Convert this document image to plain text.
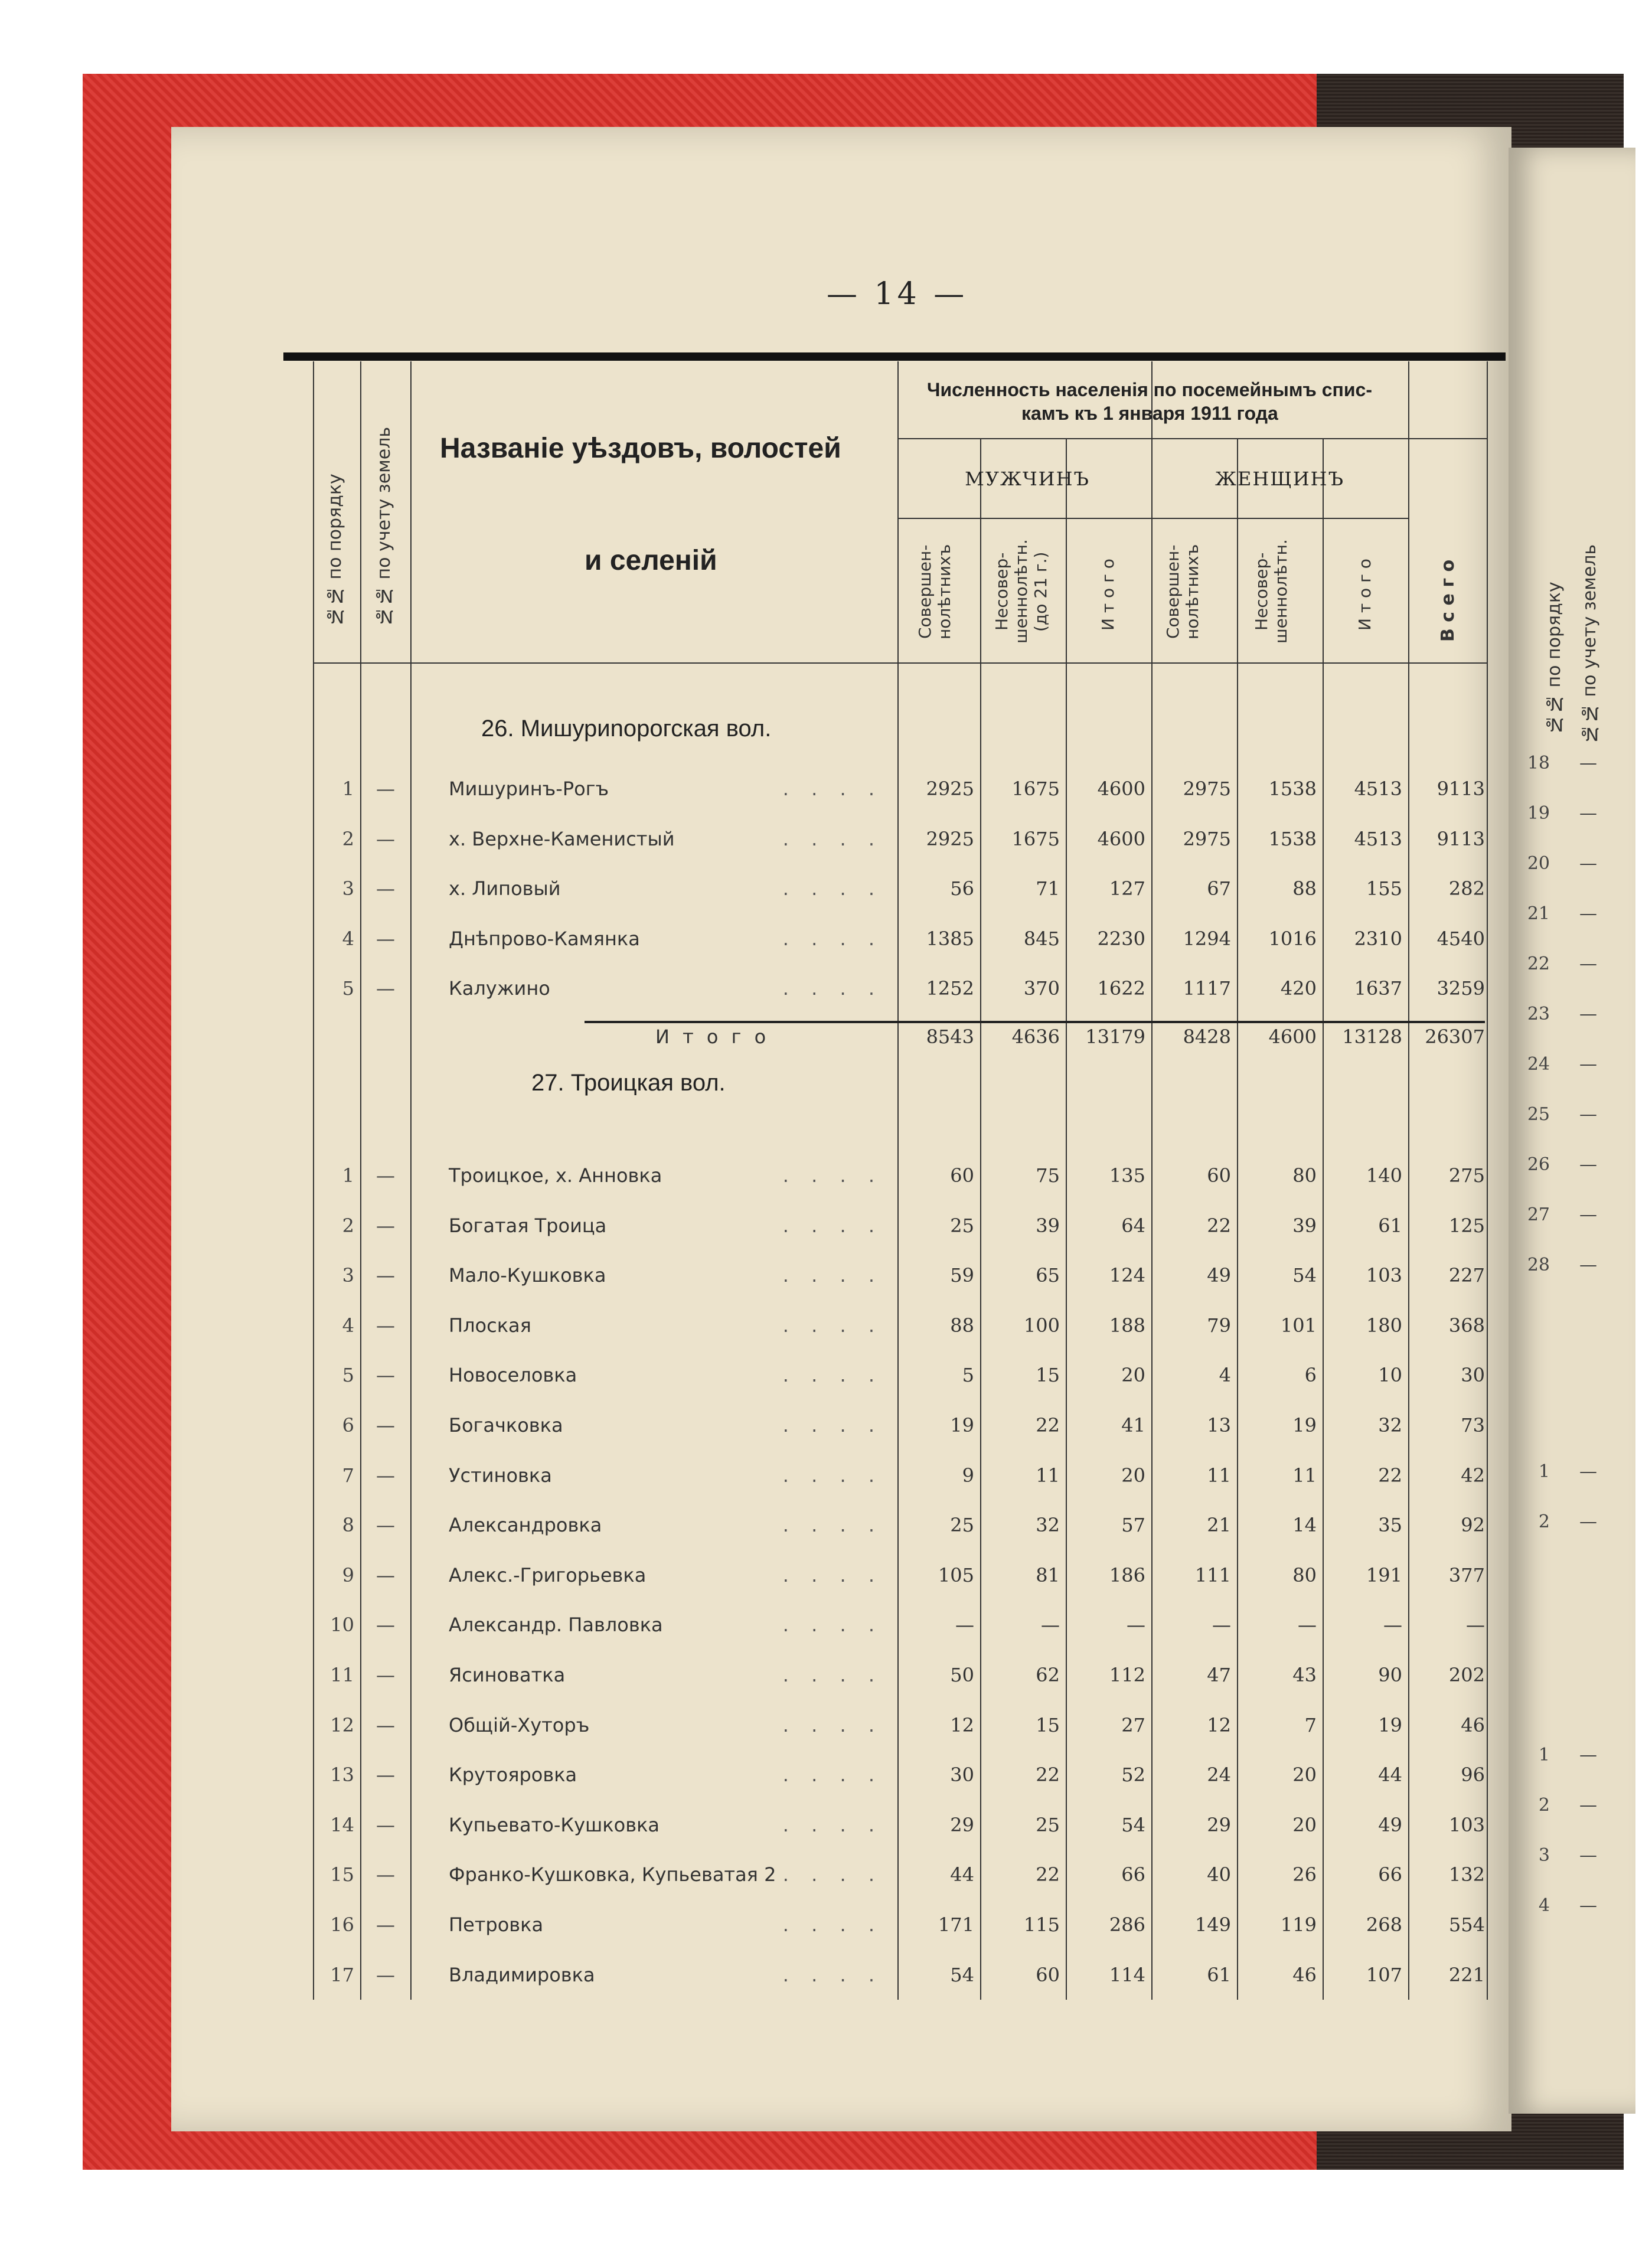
№№ по порядку №№ по учету земель
18 —
19 —
20 —
21 —
22 —
23 —
24 —
25 —
26 —
27 —
28 —
1 —
2 —
1 —
2 —
3 —
4 —
— 14 —
№№ по порядку №№ по учету земель Названіе уѣздовъ, волостей
и селеній
Численность населенія по посемейнымъ спис-
камъ къ 1 января 1911 года
МУЖЧИНЪ	ЖЕНЩИНЪ
Совершен-нолѣтнихъ	Несовер-шеннолѣтн. (до 21 г.)	И т о г о	Совершен-нолѣтнихъ	Несовер-шеннолѣтн.	И т о г о	В с е г о
26. Мишуриnорогская вол.
1	—	Мишуринъ-Рогъ	. . . . 2925 1675 4600 2975 1538 4513 9113
2	—	х. Верхне-Каменистый	. . . . 2925 1675 4600 2975 1538 4513 9113
3	—	х. Липовый	. . . .	56	71	127	67	88	155 282
4	—	Днѣпрово-Камянка	. . . . 1385	845 2230 1294 1016 2310 4540
5	—	Калужино	. . . . 1252	370 1622 1117	420 1637 3259
И т о г о	8543 4636 13179 8428 4600 13128 26307
27. Троицкая вол.
1	—	Троицкое, х. Анновка	. . . .	60	75	135	60	80	140 275
2	—	Богатая Троица	. . . .	25	39	64	22	39	61 125
3	—	Мало-Кушковка	. . . .	59	65	124	49	54	103 227
4	—	Плоская	. . . .	88	100	188	79	101	180 368
5	—	Новоселовка	. . . .	5	15	20	4	6	10	30
6	—	Богачковка	. . . .	19	22	41	13	19	32	73
7	—	Устиновка	. . . .	9	11	20	11	11	22	42
8	—	Александровка	. . . .	25	32	57	21	14	35	92
9	—	Алекс.-Григорьевка	. . . .	105	81	186	111	80	191 377
10	—	Александр. Павловка	. . . .	—	—	—	—	—	—	—
11	—	Ясиноватка	. . . .	50	62	112	47	43	90 202
12	—	Общій-Хуторъ	. . . .	12	15	27	12	7	19	46
13	—	Крутояровка	. . . .	30	22	52	24	20	44	96
14	—	Купьевато-Кушковка	. . . .	29	25	54	29	20	49 103
15	—	Франко-Кушковка, Купьеватая 2 . . . .	44	22	66	40	26	66 132
16	—	Петровка	. . . .	171	115	286	149	119	268 554
17	—	Владимировка	. . . .	54	60	114	61	46	107 221
